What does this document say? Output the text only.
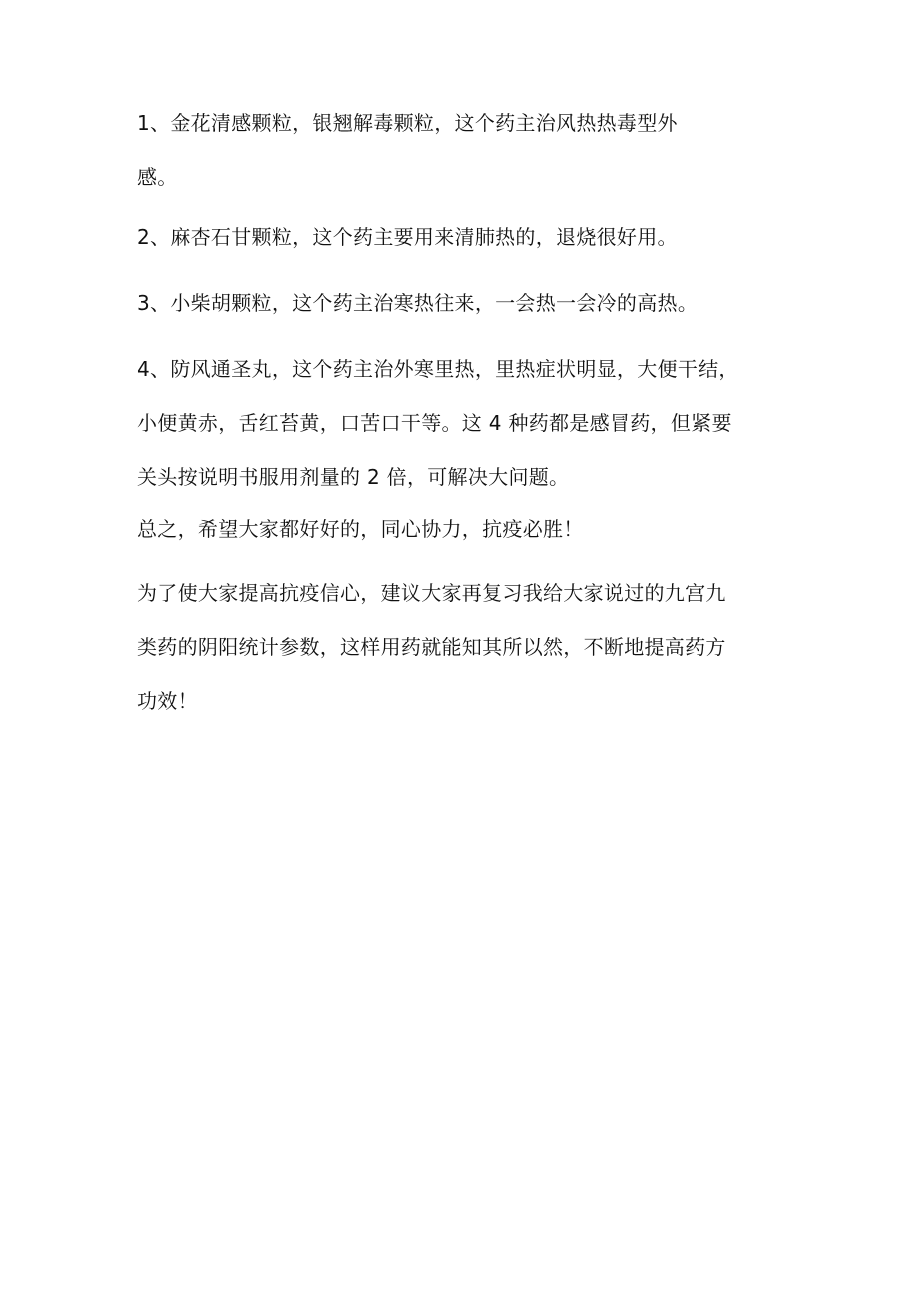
1、金花清感颗粒，银翘解毒颗粒，这个药主治风热热毒型外
感。
2、麻杏石甘颗粒，这个药主要用来清肺热的，退烧很好用。
3、小柴胡颗粒，这个药主治寒热往来，一会热一会冷的高热。
4、防风通圣丸，这个药主治外寒里热，里热症状明显，大便干结，
小便黄赤，舌红苔黄，口苦口干等。这 4 种药都是感冒药，但紧要
关头按说明书服用剂量的 2 倍，可解决大问题。
总之，希望大家都好好的，同心协力，抗疫必胜！
为了使大家提高抗疫信心，建议大家再复习我给大家说过的九宫九
类药的阴阳统计参数，这样用药就能知其所以然，不断地提高药方
功效！
